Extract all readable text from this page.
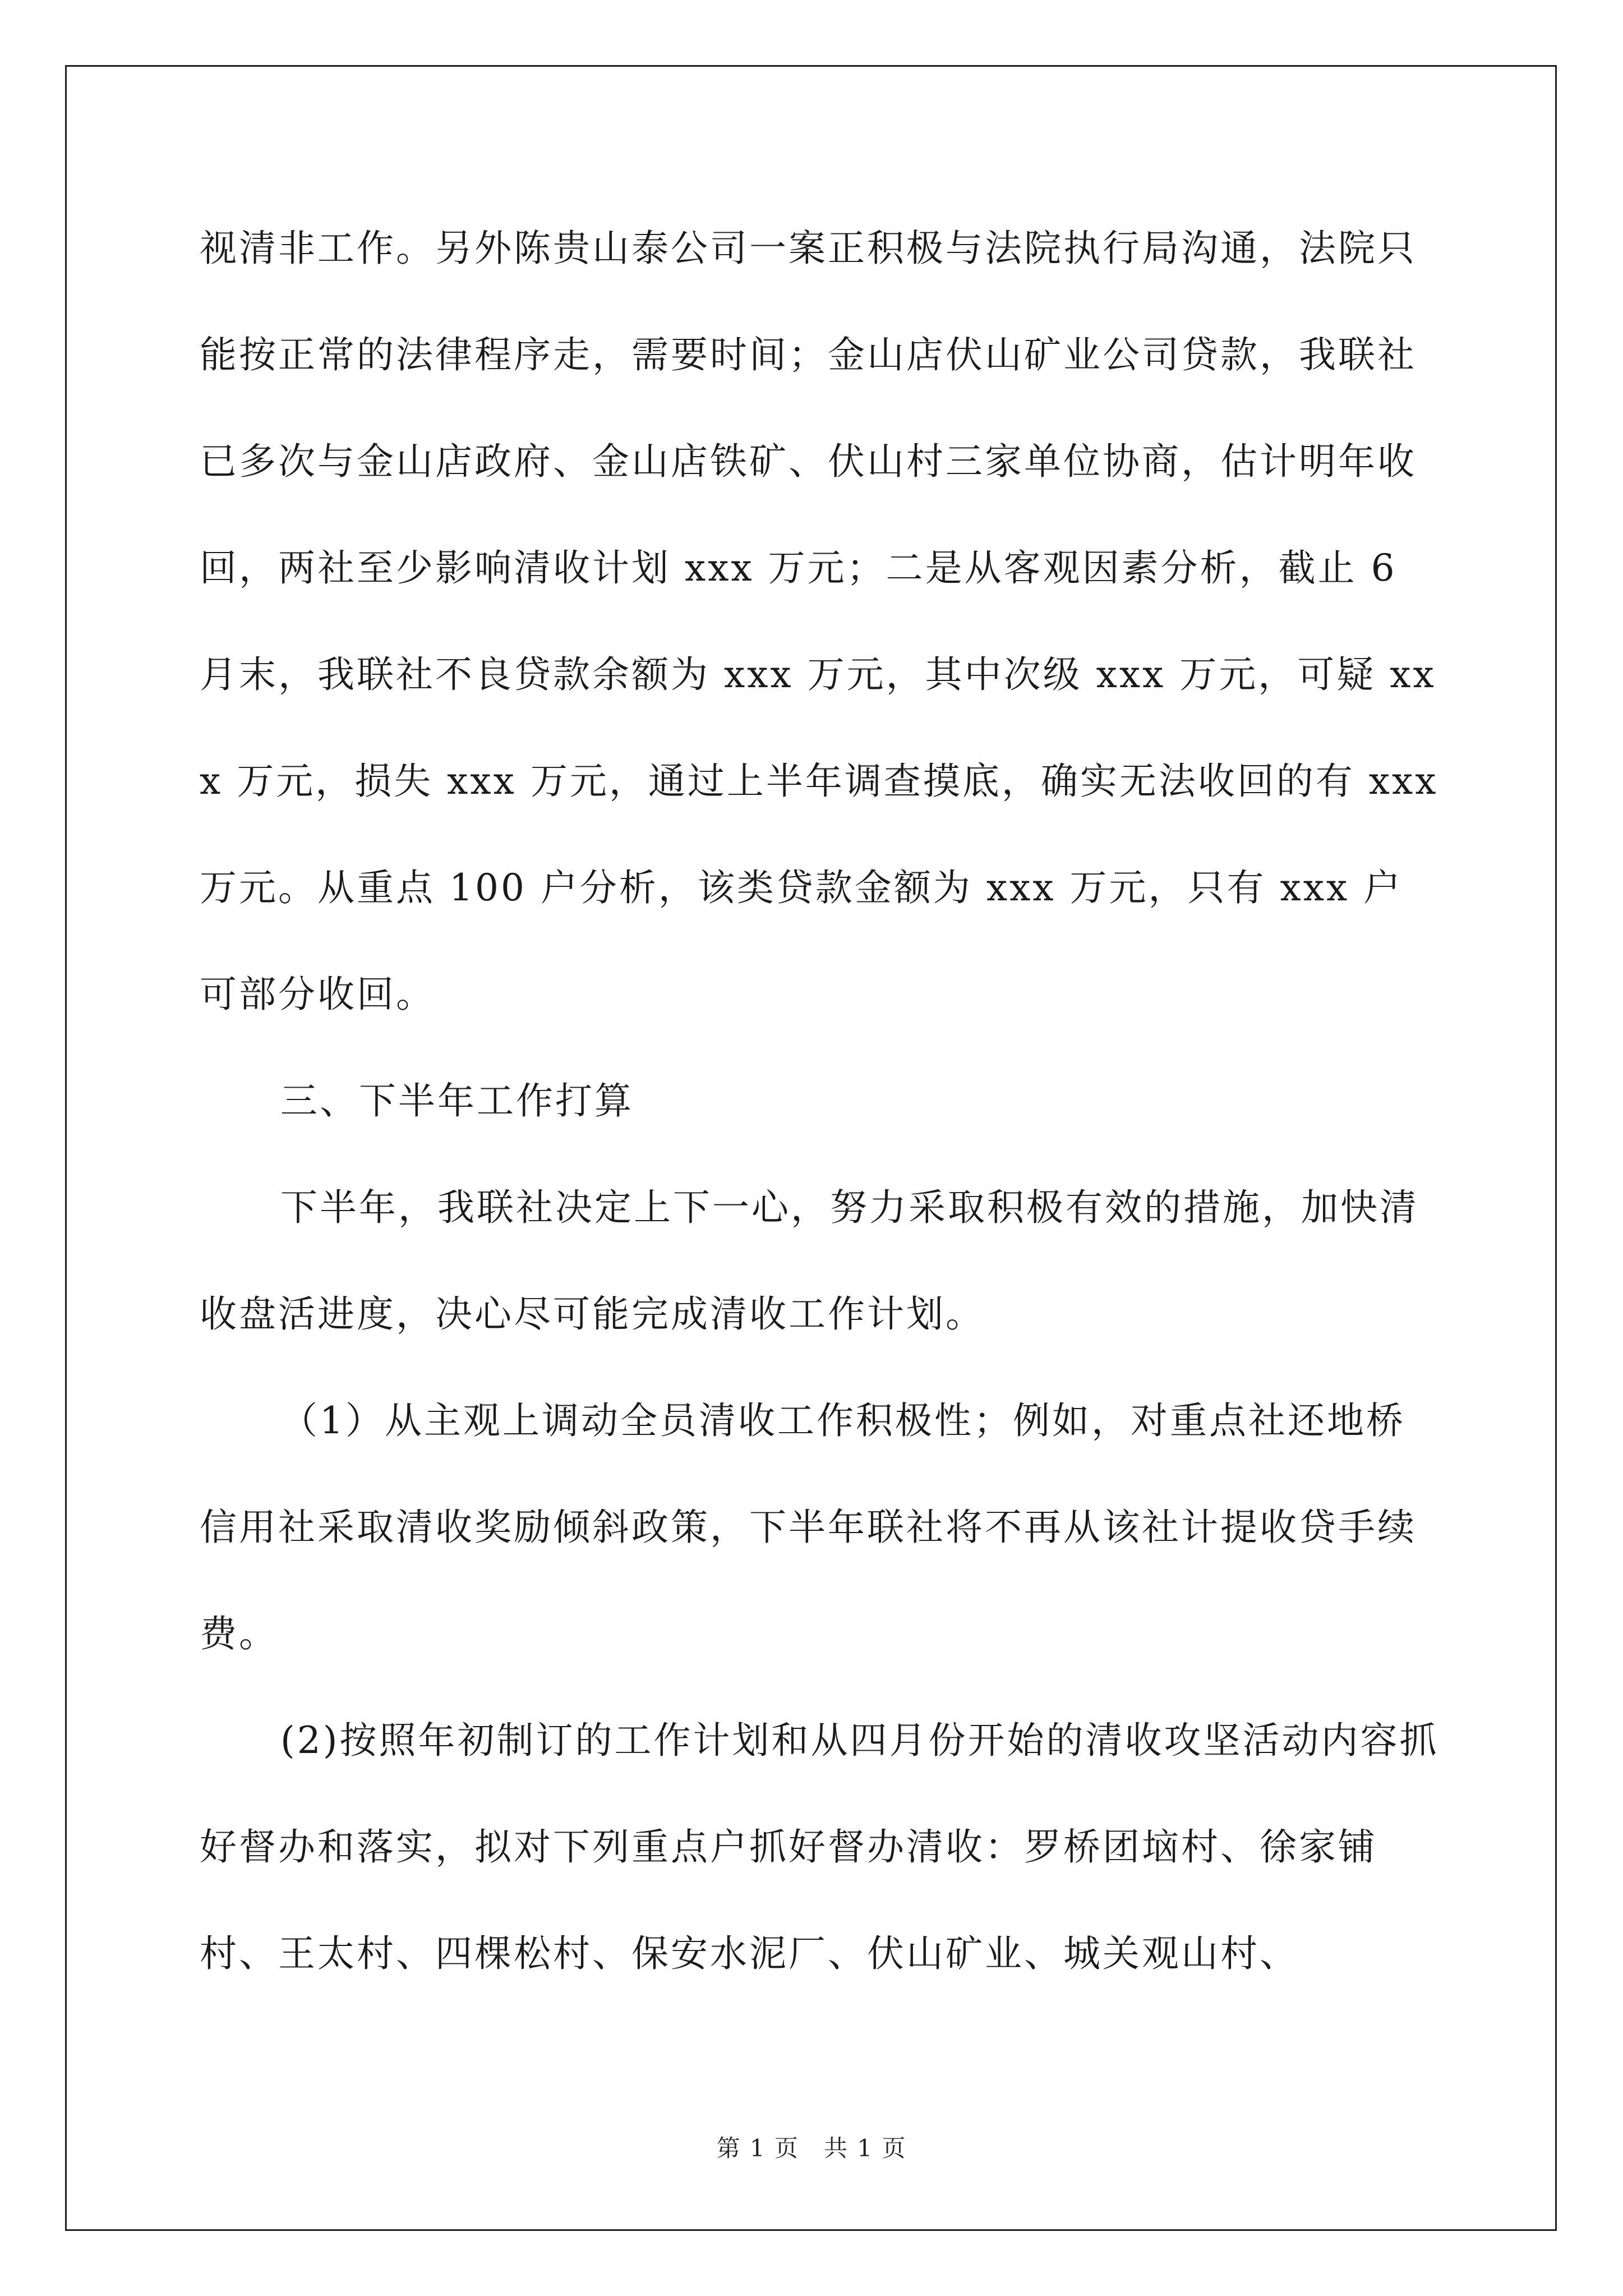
视清非工作。另外陈贵山泰公司一案正积极与法院执行局沟通，法院只能按正常的法律程序走，需要时间；金山店伏山矿业公司贷款，我联社已多次与金山店政府、金山店铁矿、伏山村三家单位协商，估计明年收回，两社至少影响清收计划 xxx 万元；二是从客观因素分析，截止 6 月末，我联社不良贷款余额为 xxx 万元，其中次级 xxx 万元，可疑 xxx 万元，损失 xxx 万元，通过上半年调查摸底，确实无法收回的有 xxx 万元。从重点 100 户分析，该类贷款金额为 xxx 万元，只有 xxx 户可部分收回。

三、下半年工作打算

下半年，我联社决定上下一心，努力采取积极有效的措施，加快清收盘活进度，决心尽可能完成清收工作计划。

（1）从主观上调动全员清收工作积极性；例如，对重点社还地桥信用社采取清收奖励倾斜政策，下半年联社将不再从该社计提收贷手续费。

(2)按照年初制订的工作计划和从四月份开始的清收攻坚活动内容抓好督办和落实，拟对下列重点户抓好督办清收：罗桥团垴村、徐家铺村、王太村、四棵松村、保安水泥厂、伏山矿业、城关观山村、

第 1 页　共 1 页
